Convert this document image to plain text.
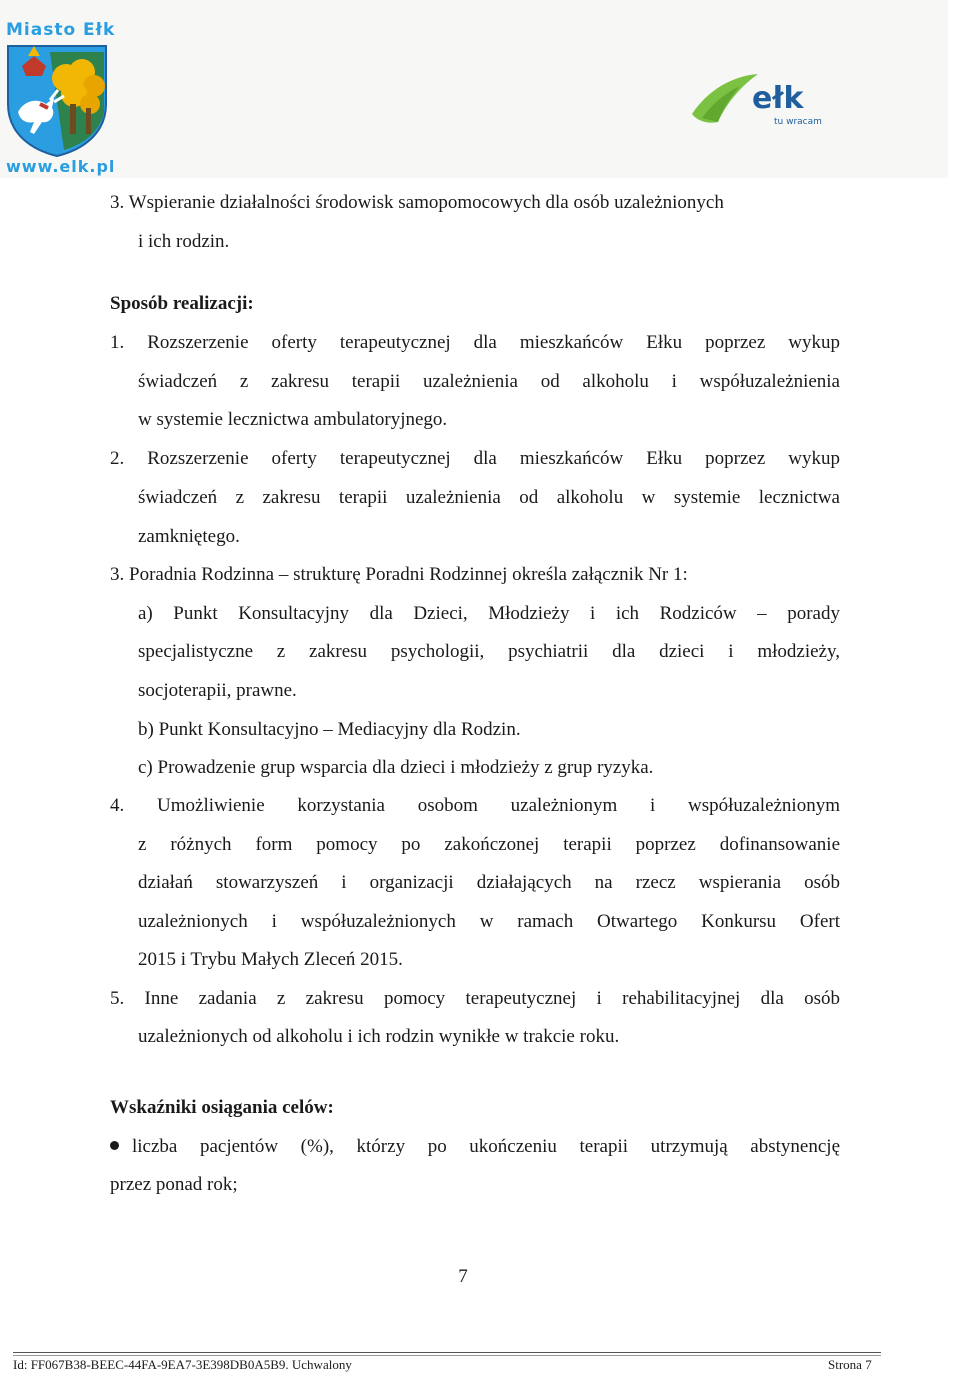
Miasto Ełk
www.elk.pl
ełk
tu wracam
3. Wspieranie działalności środowisk samopomocowych dla osób uzależnionych
i ich rodzin.
Sposób realizacji:
1. Rozszerzenie oferty terapeutycznej dla mieszkańców Ełku poprzez wykup
świadczeń z zakresu terapii uzależnienia od alkoholu i współuzależnienia
w systemie lecznictwa ambulatoryjnego.
2. Rozszerzenie oferty terapeutycznej dla mieszkańców Ełku poprzez wykup
świadczeń z zakresu terapii uzależnienia od alkoholu w systemie lecznictwa
zamkniętego.
3. Poradnia Rodzinna – strukturę Poradni Rodzinnej określa załącznik Nr 1:
a) Punkt Konsultacyjny dla Dzieci, Młodzieży i ich Rodziców – porady
specjalistyczne z zakresu psychologii, psychiatrii dla dzieci i młodzieży,
socjoterapii, prawne.
b) Punkt Konsultacyjno – Mediacyjny dla Rodzin.
c) Prowadzenie grup wsparcia dla dzieci i młodzieży z grup ryzyka.
4. Umożliwienie korzystania osobom uzależnionym i współuzależnionym
z różnych form pomocy po zakończonej terapii poprzez dofinansowanie
działań stowarzyszeń i organizacji działających na rzecz wspierania osób
uzależnionych i współuzależnionych w ramach Otwartego Konkursu Ofert
2015 i Trybu Małych Zleceń 2015.
5. Inne zadania z zakresu pomocy terapeutycznej i rehabilitacyjnej dla osób
uzależnionych od alkoholu i ich rodzin wynikłe w trakcie roku.
Wskaźniki osiągania celów:
liczba pacjentów (%), którzy po ukończeniu terapii utrzymują abstynencję
przez ponad rok;
7
Id: FF067B38-BEEC-44FA-9EA7-3E398DB0A5B9. Uchwalony	Strona 7
